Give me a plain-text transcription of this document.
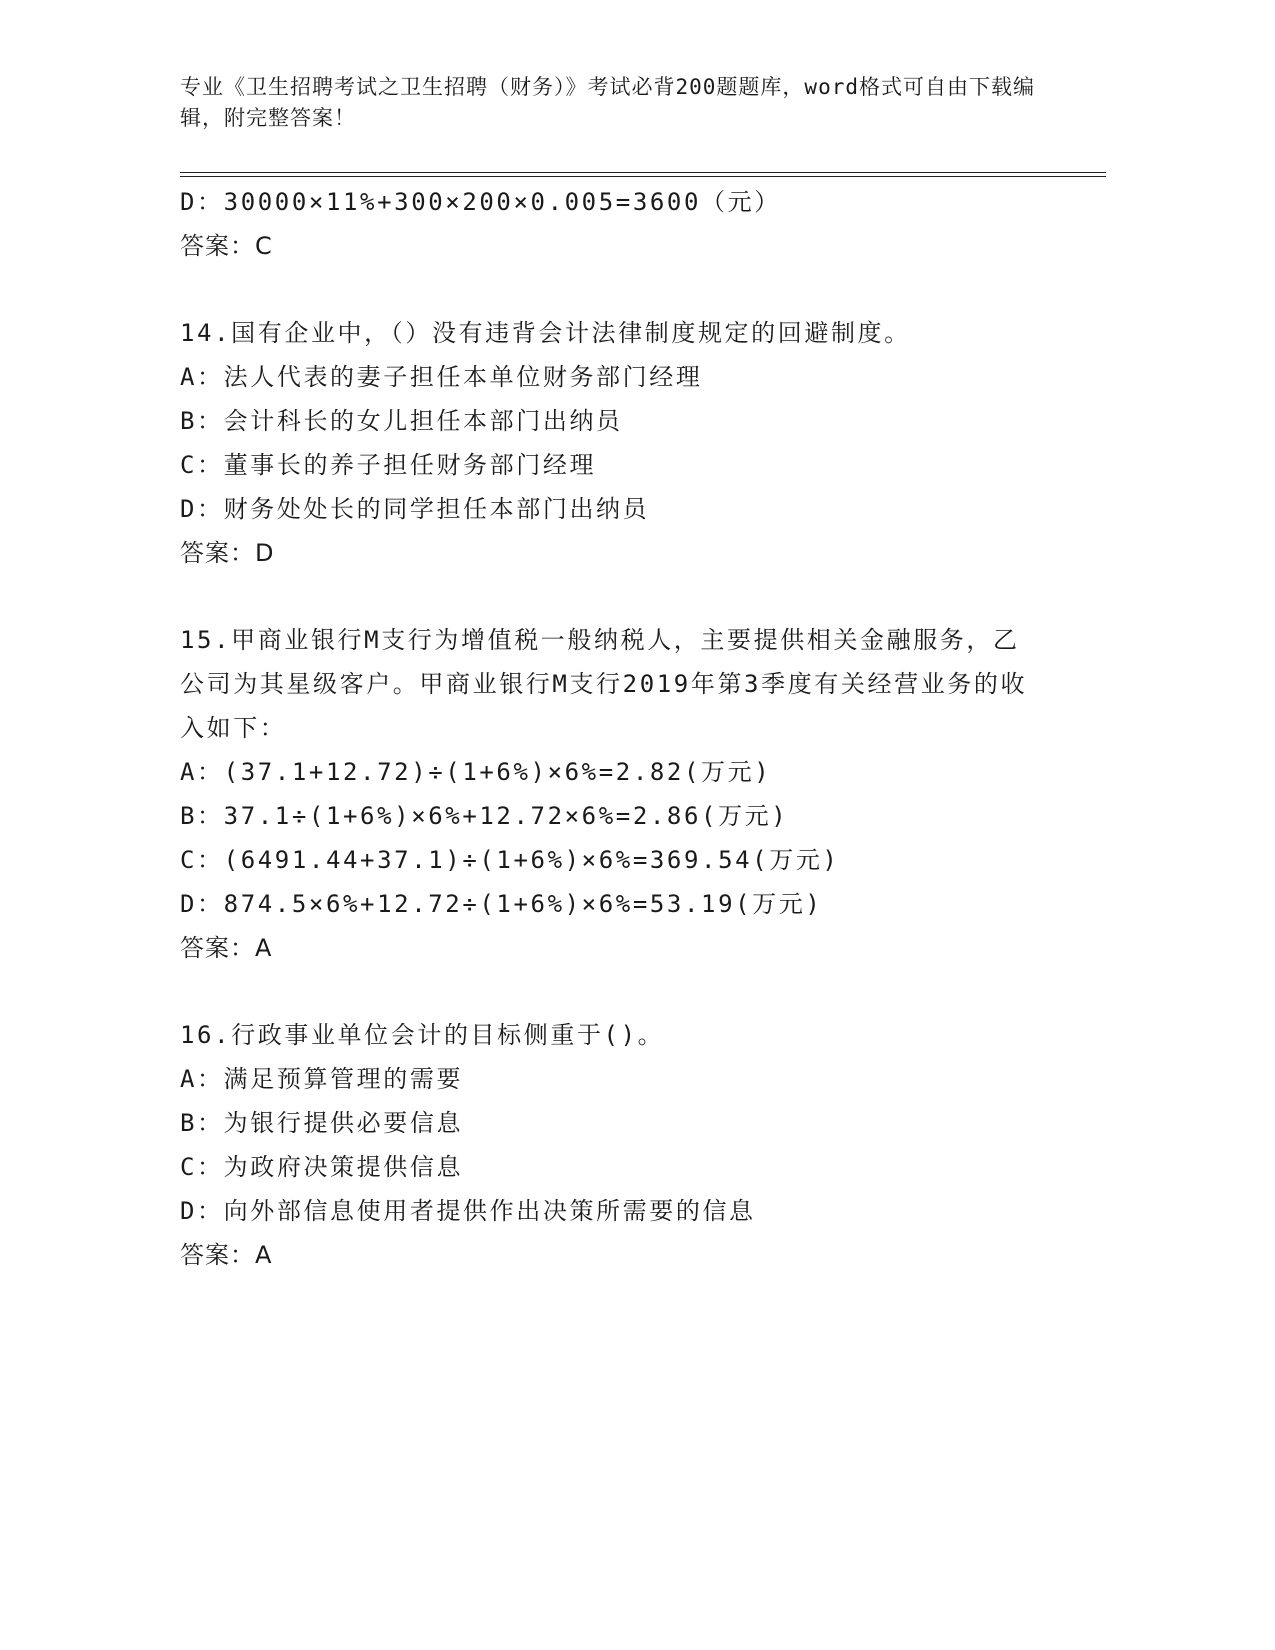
专业《卫生招聘考试之卫生招聘（财务）》考试必背200题题库，word格式可自由下载编辑，附完整答案！
D：30000×11%+300×200×0.005=3600（元）
答案：C
14.国有企业中，（）没有违背会计法律制度规定的回避制度。
A：法人代表的妻子担任本单位财务部门经理
B：会计科长的女儿担任本部门出纳员
C：董事长的养子担任财务部门经理
D：财务处处长的同学担任本部门出纳员
答案：D
15.甲商业银行M支行为增值税一般纳税人，主要提供相关金融服务，乙公司为其星级客户。甲商业银行M支行2019年第3季度有关经营业务的收入如下：
A：(37.1+12.72)÷(1+6%)×6%=2.82(万元)
B：37.1÷(1+6%)×6%+12.72×6%=2.86(万元)
C：(6491.44+37.1)÷(1+6%)×6%=369.54(万元)
D：874.5×6%+12.72÷(1+6%)×6%=53.19(万元)
答案：A
16.行政事业单位会计的目标侧重于()。
A：满足预算管理的需要
B：为银行提供必要信息
C：为政府决策提供信息
D：向外部信息使用者提供作出决策所需要的信息
答案：A
